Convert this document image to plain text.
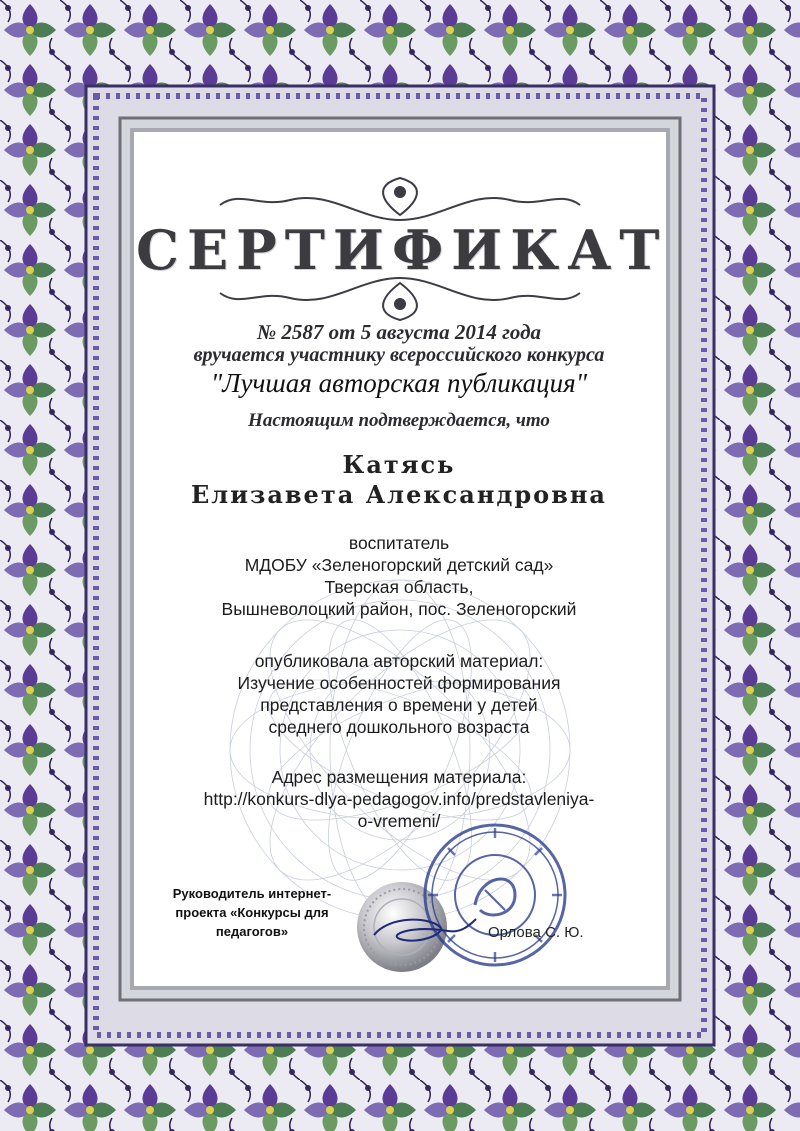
СЕРТИФИКАТ
№ 2587 от 5 августа 2014 года
вручается участнику всероссийского конкурса
"Лучшая авторская публикация"
Настоящим подтверждается, что
Катясь
Елизавета Александровна
воспитатель
МДОБУ «Зеленогорский детский сад»
Тверская область,
Вышневолоцкий район, пос. Зеленогорский
опубликовала авторский материал:
Изучение особенностей формирования
представления о времени у детей
среднего дошкольного возраста
Адрес размещения материала:
http://konkurs-dlya-pedagogov.info/predstavleniya-
o-vremeni/
Руководитель интернет-
проекта «Конкурсы для
педагогов»	Орлова С. Ю.
